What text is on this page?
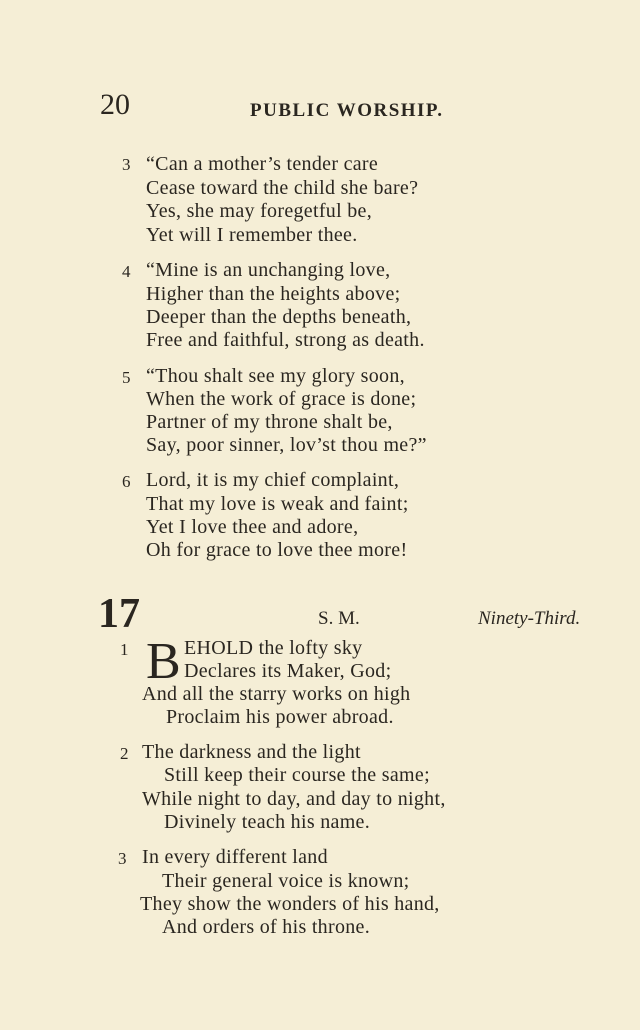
20	PUBLIC WORSHIP.
3 “Can a mother’s tender care
Cease toward the child she bare?
Yes, she may foregetful be,
Yet will I remember thee.
4 “Mine is an unchanging love,
Higher than the heights above;
Deeper than the depths beneath,
Free and faithful, strong as death.
5 “Thou shalt see my glory soon,
When the work of grace is done;
Partner of my throne shalt be,
Say, poor sinner, lov’st thou me?”
6 Lord, it is my chief complaint,
That my love is weak and faint;
Yet I love thee and adore,
Oh for grace to love thee more!
17	S. M.	Ninety-Third.
B
1	EHOLD the lofty sky
Declares its Maker, God;
And all the starry works on high
Proclaim his power abroad.
2 The darkness and the light
Still keep their course the same;
While night to day, and day to night,
Divinely teach his name.
3 In every different land
Their general voice is known;
They show the wonders of his hand,
And orders of his throne.
